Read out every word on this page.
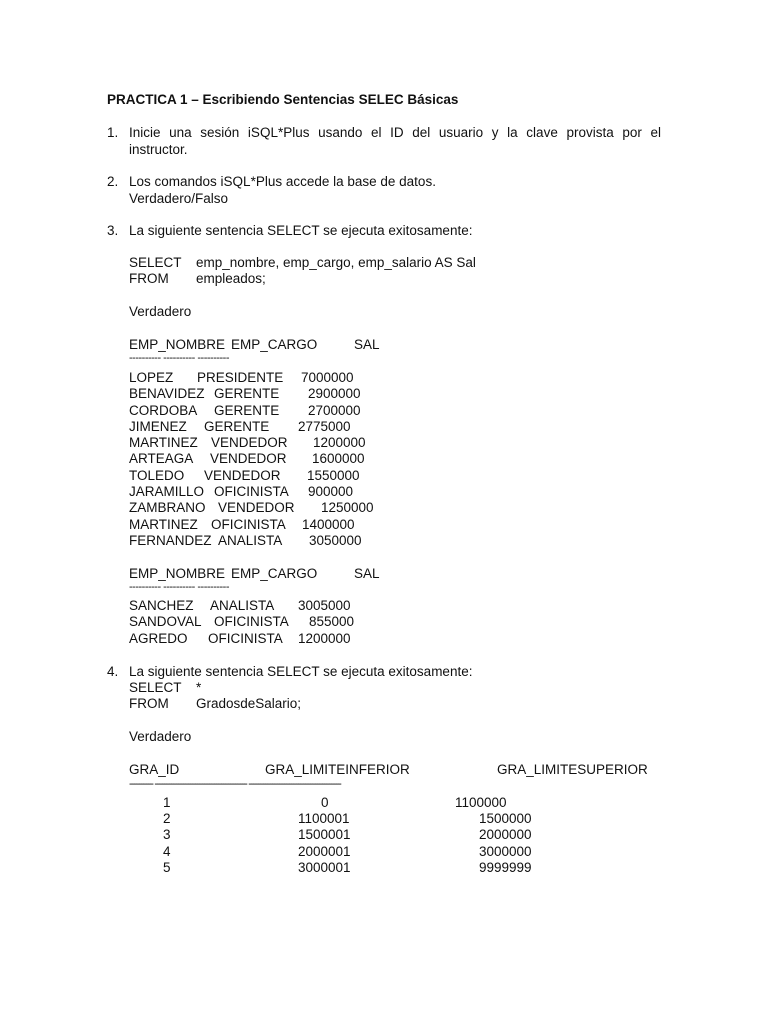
PRACTICA 1 – Escribiendo Sentencias SELEC Básicas
1. Inicie una sesión iSQL*Plus usando el ID del usuario y la clave provista por el
instructor.
2. Los comandos iSQL*Plus accede la base de datos.
Verdadero/Falso
3. La siguiente sentencia SELECT se ejecuta exitosamente:
SELECT emp_nombre, emp_cargo, emp_salario AS Sal
FROM empleados;
Verdadero
EMP_NOMBRE EMP_CARGO	SAL
---------- ---------- ----------
LOPEZ PRESIDENTE 7000000
BENAVIDEZ GERENTE 2900000
CORDOBA GERENTE 2700000
JIMENEZ GERENTE 2775000
MARTINEZ VENDEDOR 1200000
ARTEAGA VENDEDOR 1600000
TOLEDO VENDEDOR 1550000
JARAMILLO OFICINISTA 900000
ZAMBRANO VENDEDOR 1250000
MARTINEZ OFICINISTA 1400000
FERNANDEZ ANALISTA 3050000
EMP_NOMBRE EMP_CARGO	SAL
---------- ---------- ----------
SANCHEZ ANALISTA 3005000
SANDOVAL OFICINISTA 855000
AGREDO OFICINISTA 1200000
4. La siguiente sentencia SELECT se ejecuta exitosamente:
SELECT *
FROM GradosdeSalario;
Verdadero
GRA_ID	GRA_LIMITEINFERIOR	GRA_LIMITESUPERIOR
---------- --------------------------------------- ---------------------------------------
1	0	1100000
2	1100001	1500000
3	1500001	2000000
4	2000001	3000000
5	3000001	9999999
